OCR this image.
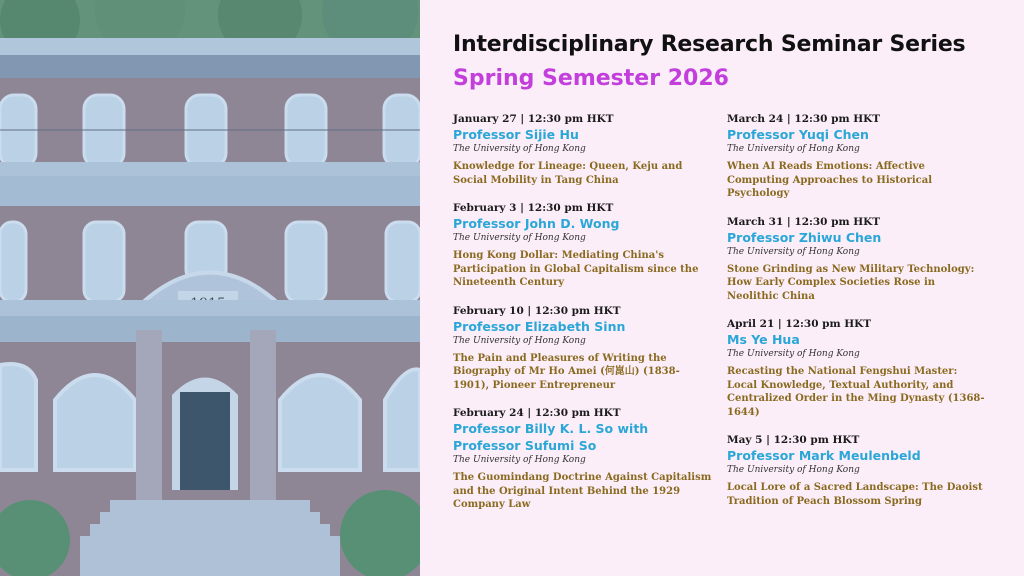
Interdisciplinary Research Seminar Series
Spring Semester 2026
January 27 | 12:30 pm HKT
Professor Sijie Hu
The University of Hong Kong
Knowledge for Lineage: Queen, Keju and Social Mobility in Tang China
February 3 | 12:30 pm HKT
Professor John D. Wong
The University of Hong Kong
Hong Kong Dollar: Mediating China's Participation in Global Capitalism since the Nineteenth Century
February 10 | 12:30 pm HKT
Professor Elizabeth Sinn
The University of Hong Kong
The Pain and Pleasures of Writing the Biography of Mr Ho Amei (何崑山) (1838-1901), Pioneer Entrepreneur
February 24 | 12:30 pm HKT
Professor Billy K. L. So with Professor Sufumi So
The University of Hong Kong
The Guomindang Doctrine Against Capitalism and the Original Intent Behind the 1929 Company Law
March 24 | 12:30 pm HKT
Professor Yuqi Chen
The University of Hong Kong
When AI Reads Emotions: Affective Computing Approaches to Historical Psychology
March 31 | 12:30 pm HKT
Professor Zhiwu Chen
The University of Hong Kong
Stone Grinding as New Military Technology: How Early Complex Societies Rose in Neolithic China
April 21 | 12:30 pm HKT
Ms Ye Hua
The University of Hong Kong
Recasting the National Fengshui Master: Local Knowledge, Textual Authority, and Centralized Order in the Ming Dynasty (1368-1644)
May 5 | 12:30 pm HKT
Professor Mark Meulenbeld
The University of Hong Kong
Local Lore of a Sacred Landscape: The Daoist Tradition of Peach Blossom Spring
